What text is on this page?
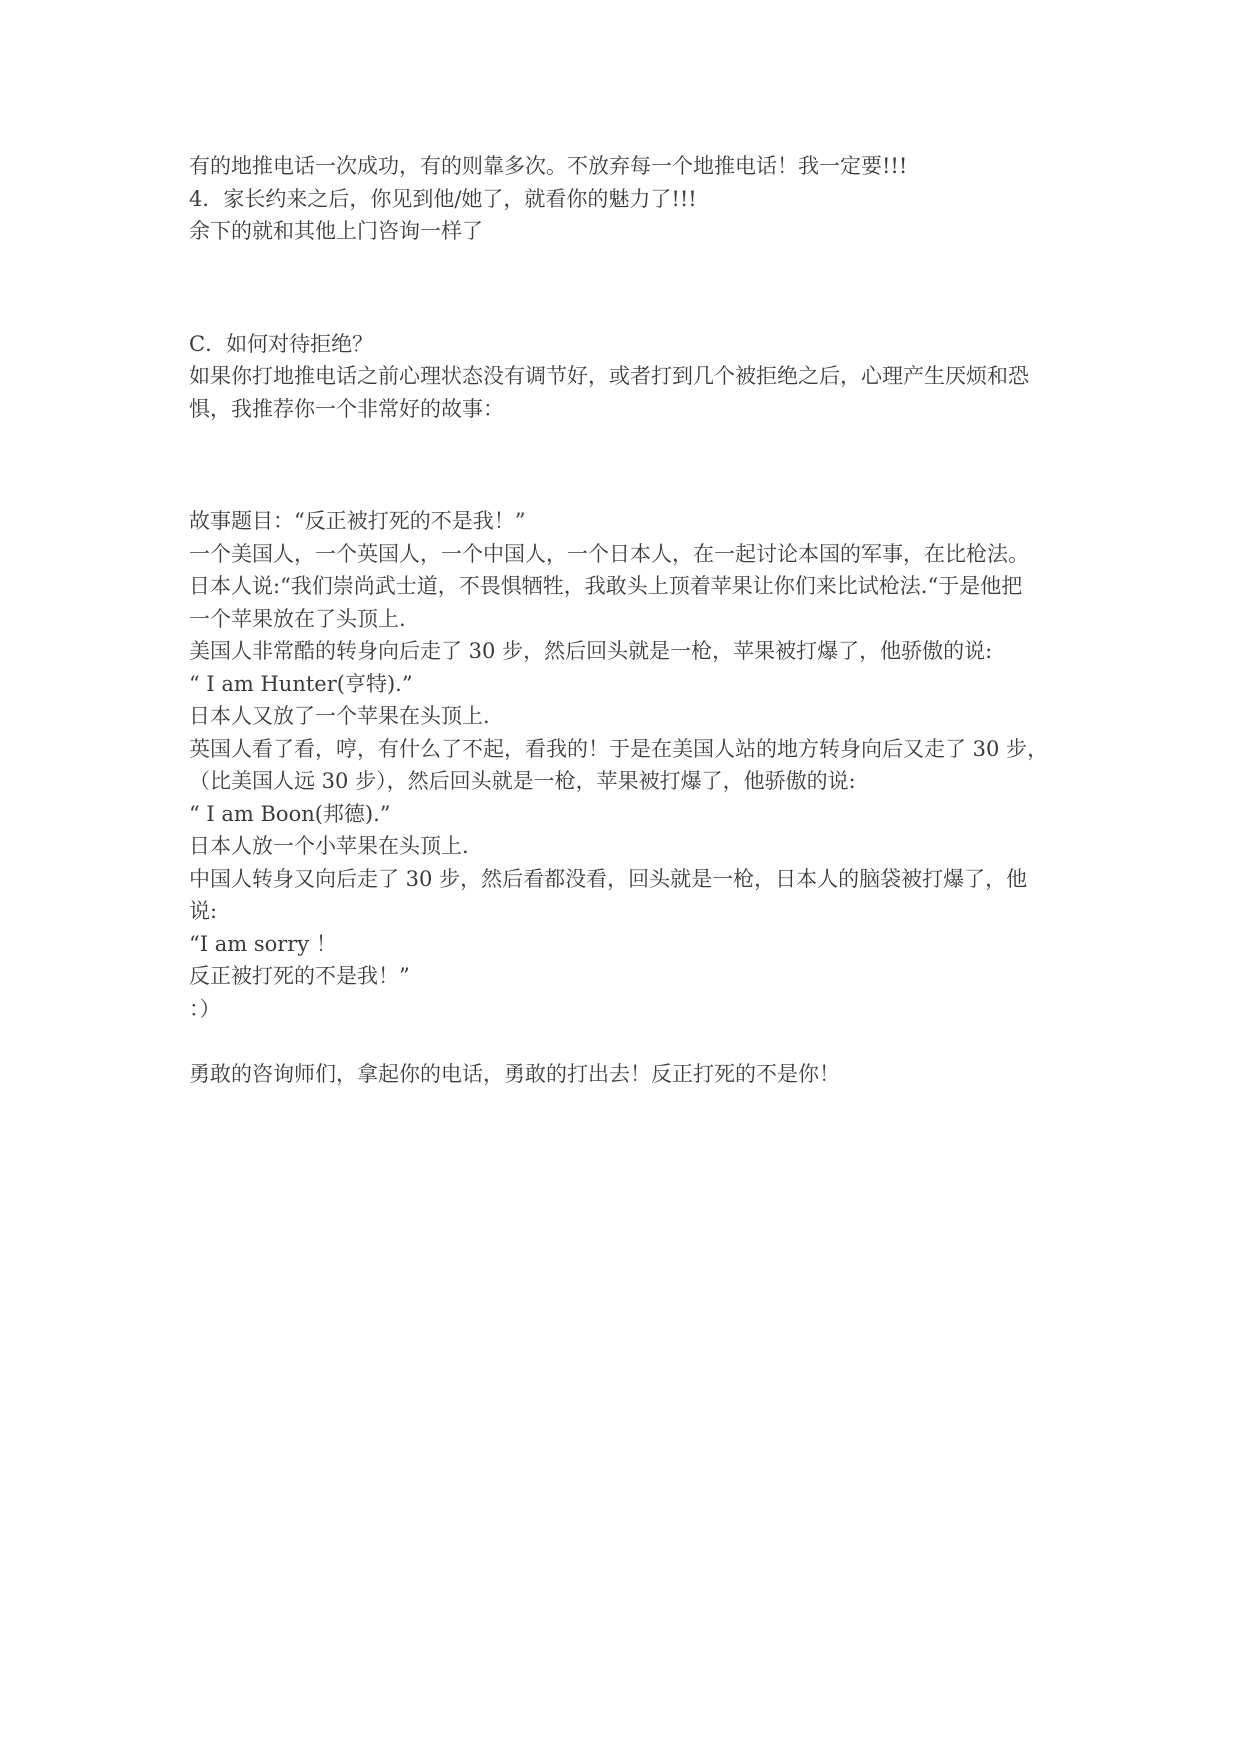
有的地推电话一次成功，有的则靠多次。不放弃每一个地推电话！我一定要!!!
4．家长约来之后，你见到他/她了，就看你的魅力了!!!
余下的就和其他上门咨询一样了
C．如何对待拒绝？
如果你打地推电话之前心理状态没有调节好，或者打到几个被拒绝之后，心理产生厌烦和恐
惧，我推荐你一个非常好的故事：
故事题目：“反正被打死的不是我！”
一个美国人，一个英国人，一个中国人，一个日本人，在一起讨论本国的军事，在比枪法。
日本人说:“我们崇尚武士道，不畏惧牺牲，我敢头上顶着苹果让你们来比试枪法.“于是他把
一个苹果放在了头顶上.
美国人非常酷的转身向后走了 30 步，然后回头就是一枪，苹果被打爆了，他骄傲的说:
“ I am Hunter(亨特).”
日本人又放了一个苹果在头顶上.
英国人看了看，哼，有什么了不起，看我的！于是在美国人站的地方转身向后又走了 30 步，
（比美国人远 30 步），然后回头就是一枪，苹果被打爆了，他骄傲的说:
“ I am Boon(邦德).”
日本人放一个小苹果在头顶上.
中国人转身又向后走了 30 步，然后看都没看，回头就是一枪，日本人的脑袋被打爆了，他
说:
“I am sorry ！
反正被打死的不是我！”
：）
勇敢的咨询师们，拿起你的电话，勇敢的打出去！反正打死的不是你！
